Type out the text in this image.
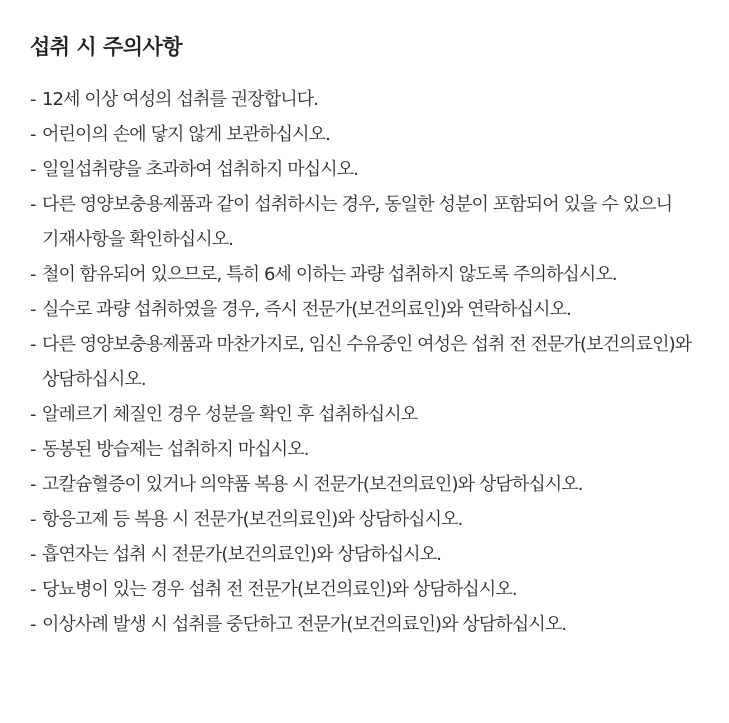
섭취 시 주의사항
- 12세 이상 여성의 섭취를 권장합니다.
- 어린이의 손에 닿지 않게 보관하십시오.
- 일일섭취량을 초과하여 섭취하지 마십시오.
- 다른 영양보충용제품과 같이 섭취하시는 경우, 동일한 성분이 포함되어 있을 수 있으니 기재사항을 확인하십시오.
- 철이 함유되어 있으므로, 특히 6세 이하는 과량 섭취하지 않도록 주의하십시오.
- 실수로 과량 섭취하였을 경우, 즉시 전문가(보건의료인)와 연락하십시오.
- 다른 영양보충용제품과 마찬가지로, 임신 수유중인 여성은 섭취 전 전문가(보건의료인)와 상담하십시오.
- 알레르기 체질인 경우 성분을 확인 후 섭취하십시오
- 동봉된 방습제는 섭취하지 마십시오.
- 고칼슘혈증이 있거나 의약품 복용 시 전문가(보건의료인)와 상담하십시오.
- 항응고제 등 복용 시 전문가(보건의료인)와 상담하십시오.
- 흡연자는 섭취 시 전문가(보건의료인)와 상담하십시오.
- 당뇨병이 있는 경우 섭취 전 전문가(보건의료인)와 상담하십시오.
- 이상사례 발생 시 섭취를 중단하고 전문가(보건의료인)와 상담하십시오.
